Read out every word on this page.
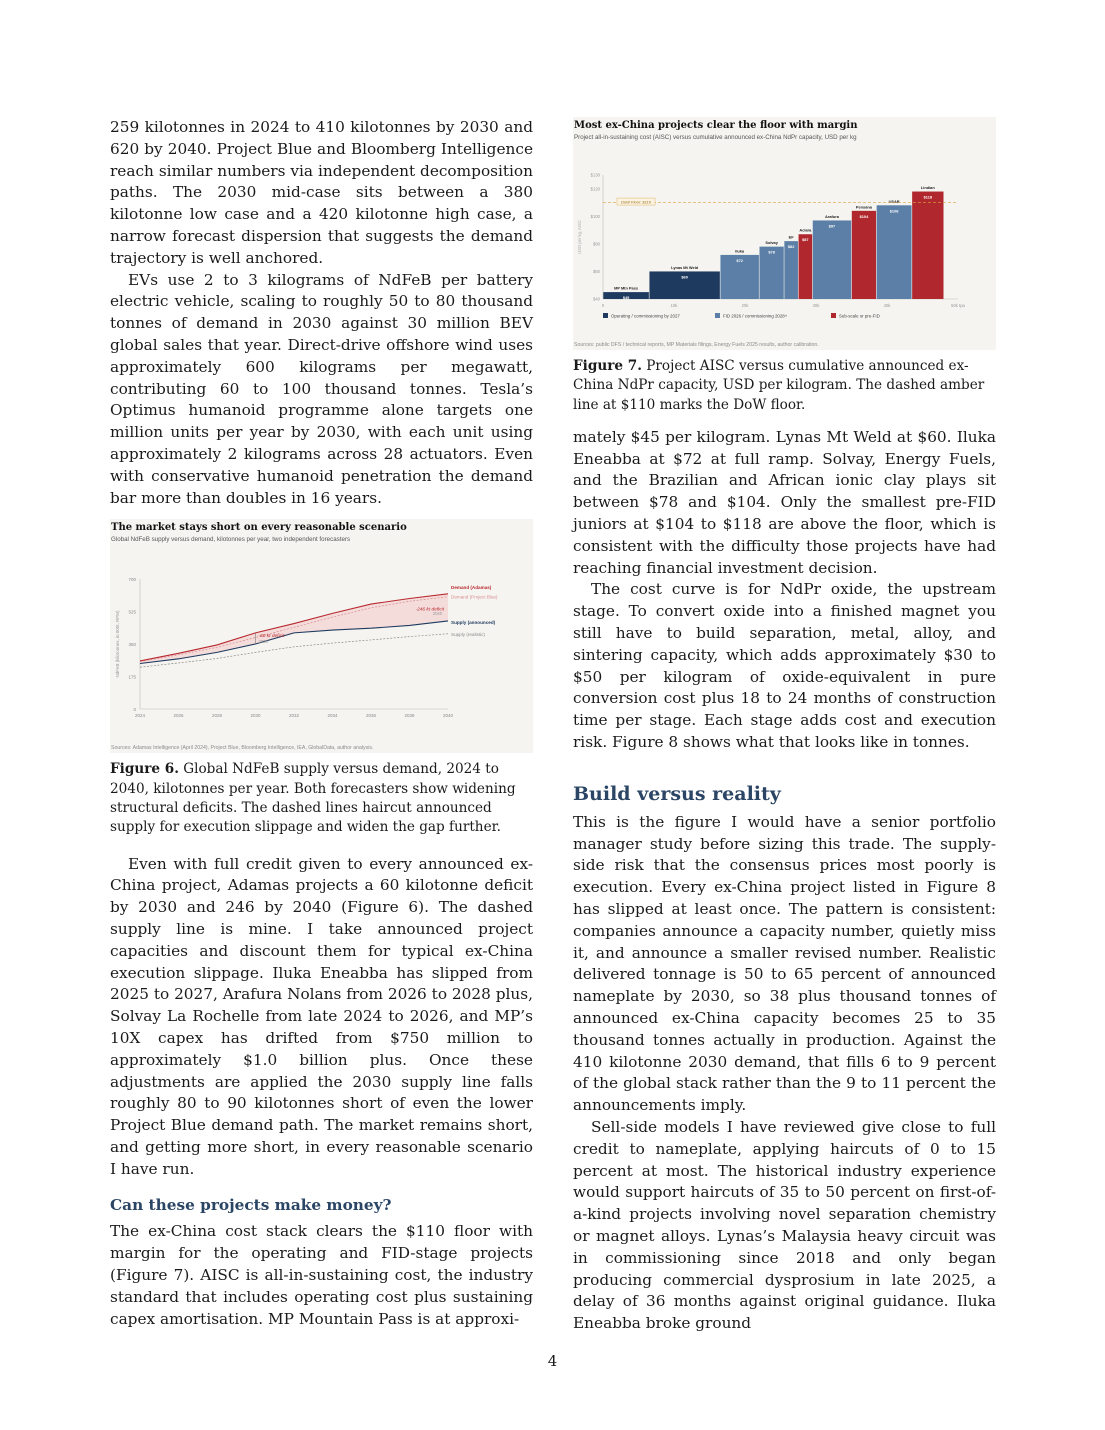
259 kilotonnes in 2024 to 410 kilotonnes by 2030 and 620 by 2040. Project Blue and Bloomberg Intelligence reach similar numbers via independent decomposition paths. The 2030 mid-case sits between a 380 kilotonne low case and a 420 kilotonne high case, a narrow forecast dispersion that suggests the demand trajectory is well anchored.

EVs use 2 to 3 kilograms of NdFeB per battery electric vehicle, scaling to roughly 50 to 80 thousand tonnes of demand in 2030 against 30 million BEV global sales that year. Direct-drive offshore wind uses approximately 600 kilograms per megawatt, contributing 60 to 100 thousand tonnes. Tesla’s Optimus humanoid programme alone targets one million units per year by 2030, with each unit using approximately 2 kilograms across 28 actuators. Even with conservative humanoid penetration the demand bar more than doubles in 16 years.

The market stays short on every reasonable scenario
Global NdFeB supply versus demand, kilotonnes per year, two independent forecasters
0
175
350
525
700
2024	2026	2028	2030	2032	2034	2036	2038	2040
NdFeB (kilotonnes, in 000t, RPM)
Demand (Adamas)
Demand (Project Blue)
Supply (announced)
Supply (realistic)
-60 kt deficit
2030
-246 kt deficit
2040
Sources: Adamas Intelligence (April 2024), Project Blue, Bloomberg Intelligence, IEA, GlobalData, author analysis.
Figure 6. Global NdFeB supply versus demand, 2024 to 2040, kilotonnes per year. Both forecasters show widening structural deficits. The dashed lines haircut announced supply for execution slippage and widen the gap further.

Even with full credit given to every announced ex-China project, Adamas projects a 60 kilotonne deficit by 2030 and 246 by 2040 (Figure 6). The dashed supply line is mine. I take announced project capacities and discount them for typical ex-China execution slippage. Iluka Eneabba has slipped from 2025 to 2027, Arafura Nolans from 2026 to 2028 plus, Solvay La Rochelle from late 2024 to 2026, and MP’s 10X capex has drifted from $750 million to approximately $1.0 billion plus. Once these adjustments are applied the 2030 supply line falls roughly 80 to 90 kilotonnes short of even the lower Project Blue demand path. The market remains short, and getting more short, in every reasonable scenario I have run.

Can these projects make money?

The ex-China cost stack clears the $110 floor with margin for the operating and FID-stage projects (Figure 7). AISC is all-in-sustaining cost, the industry standard that includes operating cost plus sustaining capex amortisation. MP Mountain Pass is at approxi-

Most ex-China projects clear the floor with margin
Project all-in-sustaining cost (AISC) versus cumulative announced ex-China NdPr capacity, USD per kg
$40
$60
$80
$100
$120
$130
0	10k	20k	30k	40k	50k tpa
USD per kg, AISC
MP Mtn Pass
$45
Lynas Mt Weld
$60
Iluka
$72
Solvay
$78
EF
$82
Aclara
$87
Arafura
$97
Pensana
$104
USAR
$108
Lindian
$118
DoW Floor: $110
Operating / commissioning by 2027	FID 2026 / commissioning 2028+	Sub-scale or pre-FID
Sources: public DFS / technical reports, MP Materials filings, Energy Fuels 2025 results, author calibration.
Figure 7. Project AISC versus cumulative announced ex-China NdPr capacity, USD per kilogram. The dashed amber line at $110 marks the DoW floor.

mately $45 per kilogram. Lynas Mt Weld at $60. Iluka Eneabba at $72 at full ramp. Solvay, Energy Fuels, and the Brazilian and African ionic clay plays sit between $78 and $104. Only the smallest pre-FID juniors at $104 to $118 are above the floor, which is consistent with the difficulty those projects have had reaching financial investment decision.

The cost curve is for NdPr oxide, the upstream stage. To convert oxide into a finished magnet you still have to build separation, metal, alloy, and sintering capacity, which adds approximately $30 to $50 per kilogram of oxide-equivalent in pure conversion cost plus 18 to 24 months of construction time per stage. Each stage adds cost and execution risk. Figure 8 shows what that looks like in tonnes.

Build versus reality

This is the figure I would have a senior portfolio manager study before sizing this trade. The supply-side risk that the consensus prices most poorly is execution. Every ex-China project listed in Figure 8 has slipped at least once. The pattern is consistent: companies announce a capacity number, quietly miss it, and announce a smaller revised number. Realistic delivered tonnage is 50 to 65 percent of announced nameplate by 2030, so 38 plus thousand tonnes of announced ex-China capacity becomes 25 to 35 thousand tonnes actually in production. Against the 410 kilotonne 2030 demand, that fills 6 to 9 percent of the global stack rather than the 9 to 11 percent the announcements imply.

Sell-side models I have reviewed give close to full credit to nameplate, applying haircuts of 0 to 15 percent at most. The historical industry experience would support haircuts of 35 to 50 percent on first-of-a-kind projects involving novel separation chemistry or magnet alloys. Lynas’s Malaysia heavy circuit was in commissioning since 2018 and only began producing commercial dysprosium in late 2025, a delay of 36 months against original guidance. Iluka Eneabba broke ground

4
